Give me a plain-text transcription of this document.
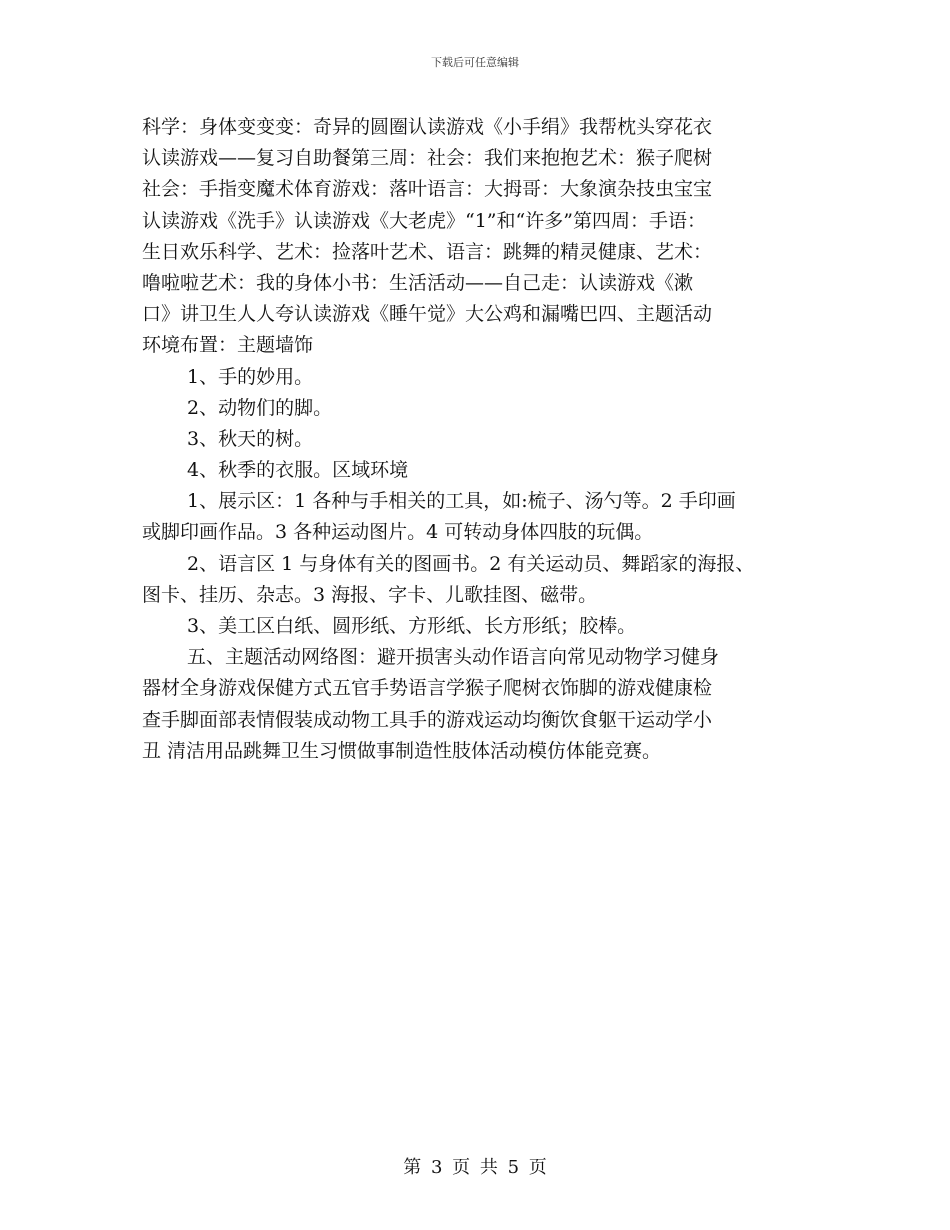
下载后可任意编辑
科学：身体变变变：奇异的圆圈认读游戏《小手绢》我帮枕头穿花衣
认读游戏——复习自助餐第三周：社会：我们来抱抱艺术：猴子爬树
社会：手指变魔术体育游戏：落叶语言：大拇哥：大象演杂技虫宝宝
认读游戏《洗手》认读游戏《大老虎》“1”和“许多”第四周：手语：
生日欢乐科学、艺术：捡落叶艺术、语言：跳舞的精灵健康、艺术：
噜啦啦艺术：我的身体小书：生活活动——自己走：认读游戏《漱
口》讲卫生人人夸认读游戏《睡午觉》大公鸡和漏嘴巴四、主题活动
环境布置：主题墙饰
1、手的妙用。
2、动物们的脚。
3、秋天的树。
4、秋季的衣服。区域环境
1、展示区：1 各种与手相关的工具，如:梳子、汤勺等。2 手印画
或脚印画作品。3 各种运动图片。4 可转动身体四肢的玩偶。
2、语言区 1 与身体有关的图画书。2 有关运动员、舞蹈家的海报、
图卡、挂历、杂志。3 海报、字卡、儿歌挂图、磁带。
3、美工区白纸、圆形纸、方形纸、长方形纸；胶棒。
五、主题活动网络图：避开损害头动作语言向常见动物学习健身
器材全身游戏保健方式五官手势语言学猴子爬树衣饰脚的游戏健康检
查手脚面部表情假装成动物工具手的游戏运动均衡饮食躯干运动学小
丑 清洁用品跳舞卫生习惯做事制造性肢体活动模仿体能竞赛。
第 3 页 共 5 页
